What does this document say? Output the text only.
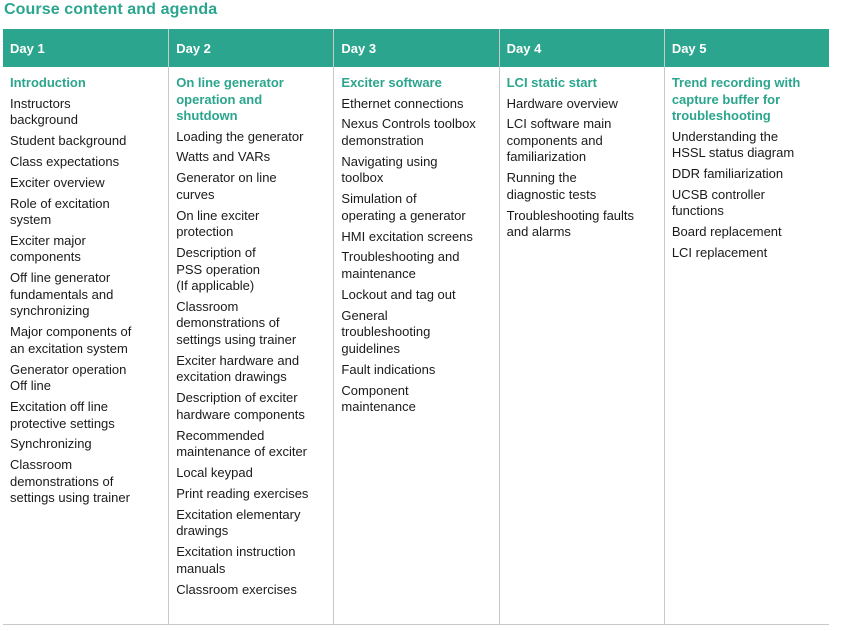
Course content and agenda
Day 1
Introduction
Instructors
background
Student background
Class expectations
Exciter overview
Role of excitation
system
Exciter major
components
Off line generator
fundamentals and
synchronizing
Major components of
an excitation system
Generator operation
Off line
Excitation off line
protective settings
Synchronizing
Classroom
demonstrations of
settings using trainer
Day 2
On line generator
operation and
shutdown
Loading the generator
Watts and VARs
Generator on line
curves
On line exciter
protection
Description of
PSS operation
(If applicable)
Classroom
demonstrations of
settings using trainer
Exciter hardware and
excitation drawings
Description of exciter
hardware components
Recommended
maintenance of exciter
Local keypad
Print reading exercises
Excitation elementary
drawings
Excitation instruction
manuals
Classroom exercises
Day 3
Exciter software
Ethernet connections
Nexus Controls toolbox
demonstration
Navigating using
toolbox
Simulation of
operating a generator
HMI excitation screens
Troubleshooting and
maintenance
Lockout and tag out
General
troubleshooting
guidelines
Fault indications
Component
maintenance
Day 4
LCI static start
Hardware overview
LCI software main
components and
familiarization
Running the
diagnostic tests
Troubleshooting faults
and alarms
Day 5
Trend recording with
capture buffer for
troubleshooting
Understanding the
HSSL status diagram
DDR familiarization
UCSB controller
functions
Board replacement
LCI replacement
